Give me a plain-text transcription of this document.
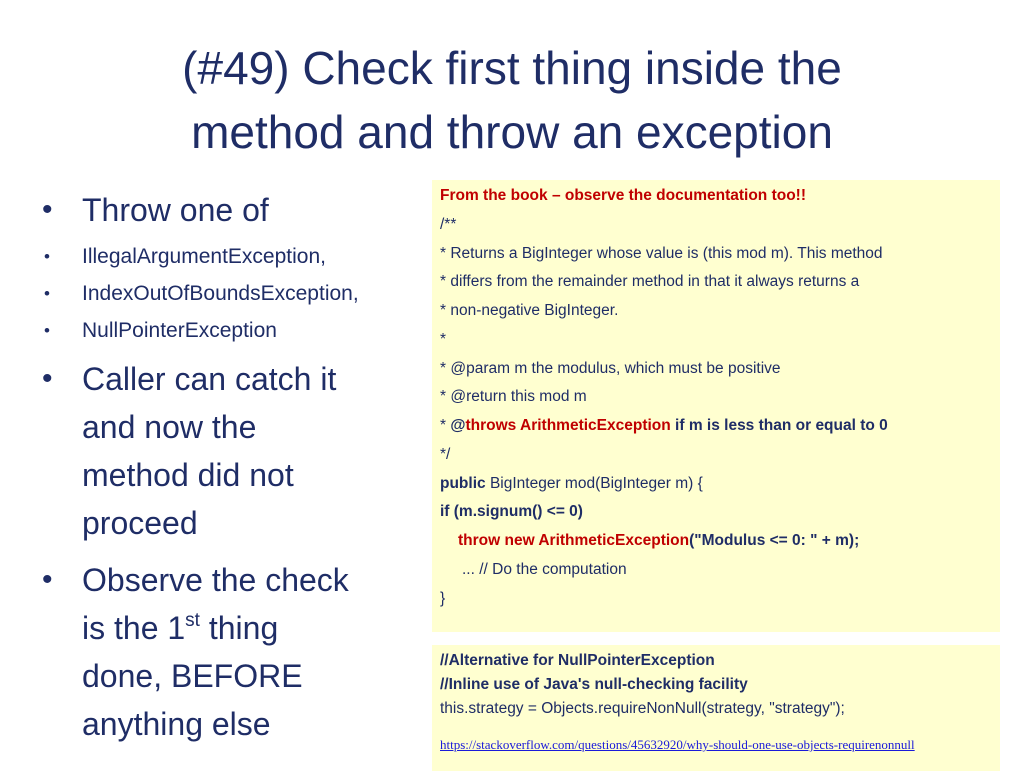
(#49) Check first thing inside the
method and throw an exception
• Throw one of
• IllegalArgumentException,
• IndexOutOfBoundsException,
• NullPointerException
• Caller can catch it
and now the
method did not
proceed
• Observe the check
is the 1st thing
done, BEFORE
anything else
From the book – observe the documentation too!!
/**
* Returns a BigInteger whose value is (this mod m). This method
* differs from the remainder method in that it always returns a
* non-negative BigInteger.
*
* @param m the modulus, which must be positive
* @return this mod m
* @throws ArithmeticException if m is less than or equal to 0
*/
public BigInteger mod(BigInteger m) {
if (m.signum() <= 0)
throw new ArithmeticException("Modulus <= 0: " + m);
... // Do the computation
}
//Alternative for NullPointerException
//Inline use of Java's null-checking facility
this.strategy = Objects.requireNonNull(strategy, "strategy");
https://stackoverflow.com/questions/45632920/why-should-one-use-objects-requirenonnull
